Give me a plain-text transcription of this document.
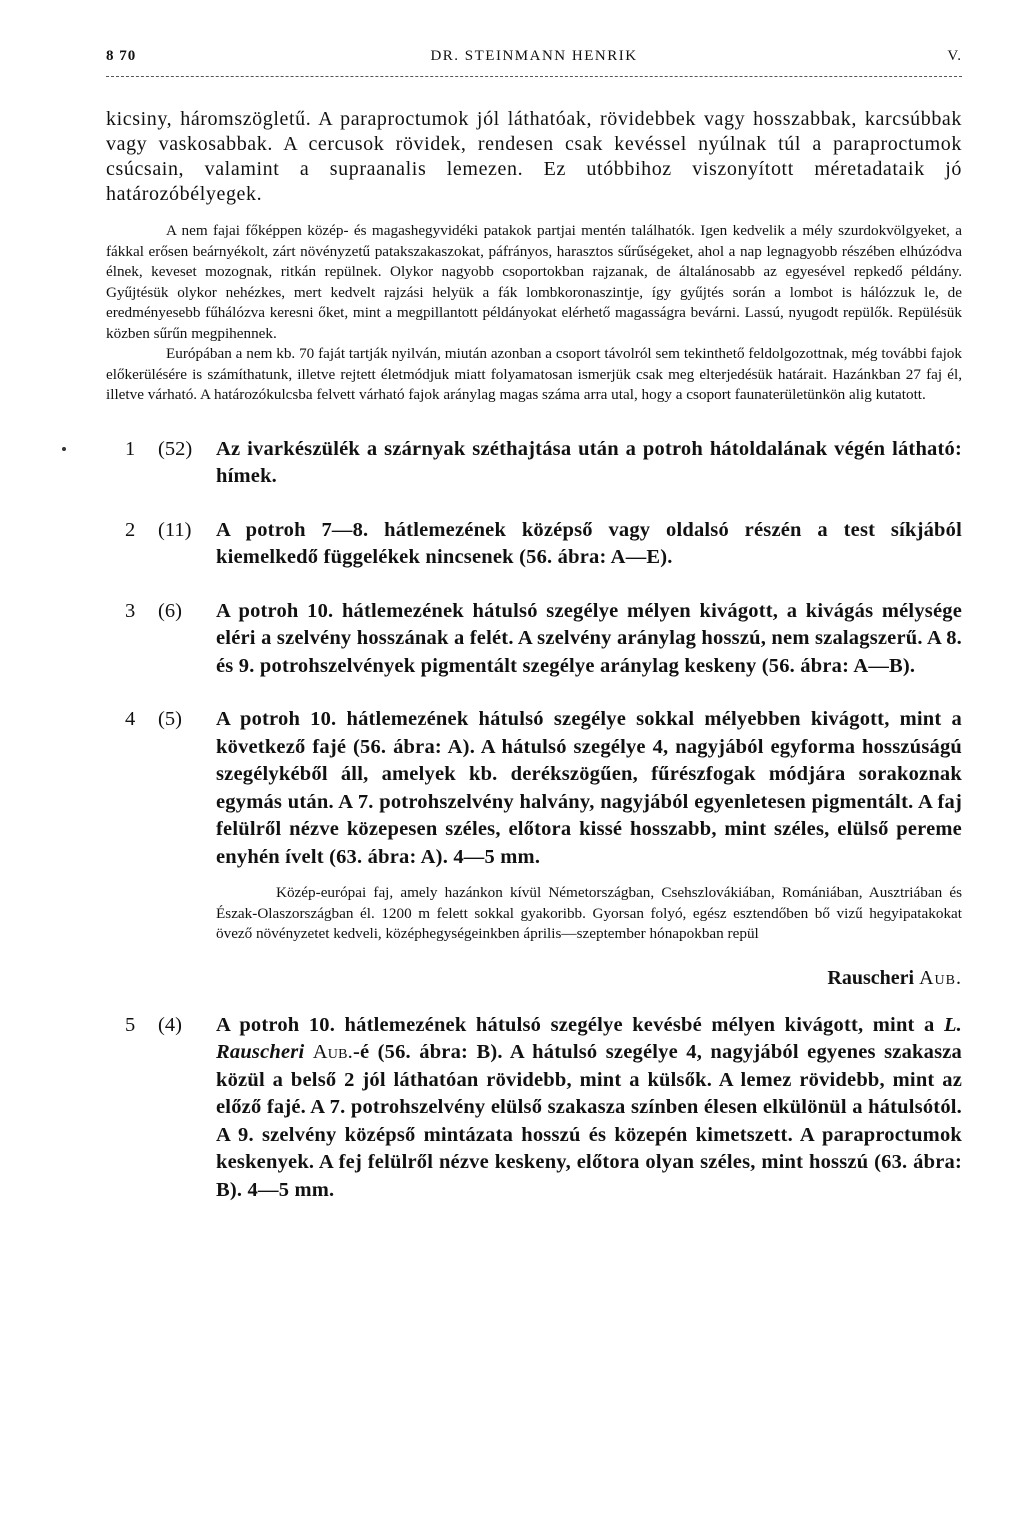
8 70	DR. STEINMANN HENRIK	V.

kicsiny, háromszögletű. A paraproctumok jól láthatóak, rövidebbek vagy hosszabbak, karcsúbbak vagy vaskosabbak. A cercusok rövidek, rendesen csak kevéssel nyúlnak túl a paraproctumok csúcsain, valamint a supraanalis lemezen. Ez utóbbihoz viszonyított méretadataik jó határozóbélyegek.

A nem fajai főképpen közép- és magashegyvidéki patakok partjai mentén találhatók. Igen kedvelik a mély szurdokvölgyeket, a fákkal erősen beárnyékolt, zárt növényzetű patakszakaszokat, páfrányos, harasztos sűrűségeket, ahol a nap legnagyobb részében elhúzódva élnek, keveset mozognak, ritkán repülnek. Olykor nagyobb csoportokban rajzanak, de általánosabb az egyesével repkedő példány. Gyűjtésük olykor nehézkes, mert kedvelt rajzási helyük a fák lombkoronaszintje, így gyűjtés során a lombot is hálózzuk le, de eredményesebb fűhálózva keresni őket, mint a megpillantott példányokat elérhető magasságra bevárni. Lassú, nyugodt repülők. Repülésük közben sűrűn megpihennek.

Európában a nem kb. 70 faját tartják nyilván, miután azonban a csoport távolról sem tekinthető feldolgozottnak, még további fajok előkerülésére is számíthatunk, illetve rejtett életmódjuk miatt folyamatosan ismerjük csak meg elterjedésük határait. Hazánkban 27 faj él, illetve várható. A határozókulcsba felvett várható fajok aránylag magas száma arra utal, hogy a csoport faunaterületünkön alig kutatott.

1 (52) Az ivarkészülék a szárnyak széthajtása után a potroh hátoldalának végén látható: hímek.
2 (11) A potroh 7—8. hátlemezének középső vagy oldalsó részén a test síkjából kiemelkedő függelékek nincsenek (56. ábra: A—E).
3 (6) A potroh 10. hátlemezének hátulsó szegélye mélyen kivágott, a kivágás mélysége eléri a szelvény hosszának a felét. A szelvény aránylag hosszú, nem szalagszerű. A 8. és 9. potrohszelvények pigmentált szegélye aránylag keskeny (56. ábra: A—B).
4 (5) A potroh 10. hátlemezének hátulsó szegélye sokkal mélyebben kivágott, mint a következő fajé (56. ábra: A). A hátulsó szegélye 4, nagyjából egyforma hosszúságú szegélykéből áll, amelyek kb. derékszögűen, fűrészfogak módjára sorakoznak egymás után. A 7. potrohszelvény halvány, nagyjából egyenletesen pigmentált. A faj felülről nézve közepesen széles, előtora kissé hosszabb, mint széles, elülső pereme enyhén ívelt (63. ábra: A). 4—5 mm.

Közép-európai faj, amely hazánkon kívül Németországban, Csehszlovákiában, Romániában, Ausztriában és Észak-Olaszországban él. 1200 m felett sokkal gyakoribb. Gyorsan folyó, egész esztendőben bő vizű hegyipatakokat övező növényzetet kedveli, középhegységeinkben április—szeptember hónapokban repül

Rauscheri Aub.
5 (4) A potroh 10. hátlemezének hátulsó szegélye kevésbé mélyen kivágott, mint a L. Rauscheri Aub.-é (56. ábra: B). A hátulsó szegélye 4, nagyjából egyenes szakasza közül a belső 2 jól láthatóan rövidebb, mint a külsők. A lemez rövidebb, mint az előző fajé. A 7. potrohszelvény elülső szakasza színben élesen elkülönül a hátulsótól. A 9. szelvény középső mintázata hosszú és közepén kimetszett. A paraproctumok keskenyek. A fej felülről nézve keskeny, előtora olyan széles, mint hosszú (63. ábra: B). 4—5 mm.
